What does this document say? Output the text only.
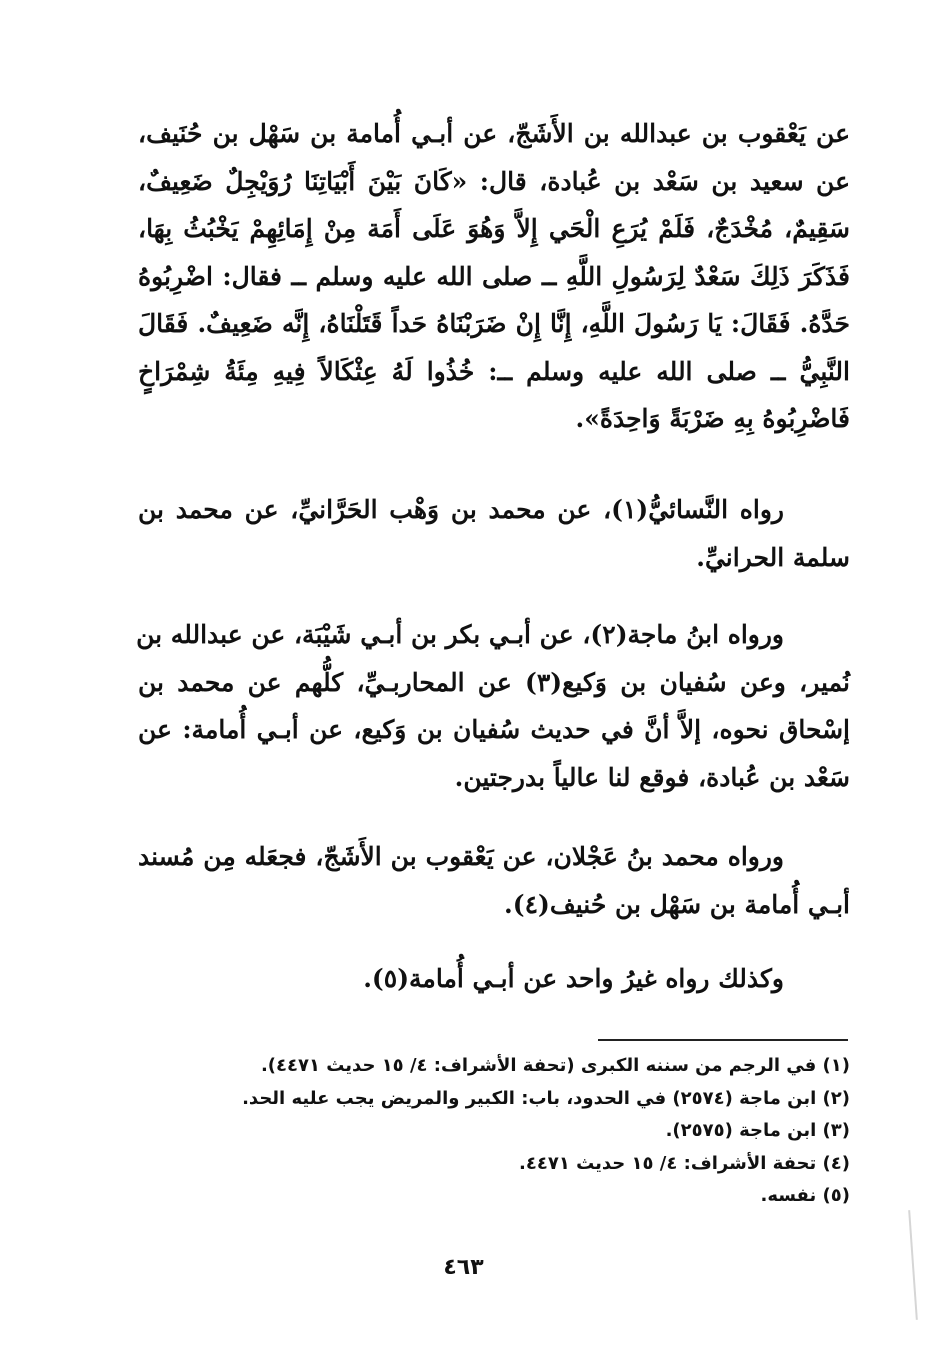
عن يَعْقوب بن عبدالله بن الأَشَجّ، عن أبـي أُمامة بن سَهْل بن حُنَيف،
عن سعيد بن سَعْد بن عُبادة، قال: «كَانَ بَيْنَ أَبْيَاتِنَا رُوَيْجِلٌ ضَعِيفٌ،
سَقِيمٌ، مُخْدَجٌ، فَلَمْ يُرَعِ الْحَي إِلاَّ وَهُوَ عَلَى أَمَة مِنْ إِمَائِهِمْ يَخْبُثُ بِهَا،
فَذَكَرَ ذَلِكَ سَعْدٌ لِرَسُولِ اللَّهِ ــ صلى الله عليه وسلم ــ فقال: اضْرِبُوهُ
حَدَّهُ. فَقَالَ: يَا رَسُولَ اللَّهِ، إِنَّا إِنْ ضَرَبْنَاهُ حَداً قَتَلْنَاهُ، إِنَّه ضَعِيفٌ. فَقَالَ
النَّبِيُّ ــ صلى الله عليه وسلم ــ: خُذُوا لَهُ عِثْكَالاً فِيهِ مِئَةُ شِمْرَاخٍ
فَاضْرِبُوهُ بِهِ ضَرْبَةً وَاحِدَةً».
رواه النَّسائيُّ(١)، عن محمد بن وَهْب الحَرَّانيِّ، عن محمد بن
سلمة الحرانيِّ.
ورواه ابنُ ماجة(٢)، عن أبـي بكر بن أبـي شَيْبَة، عن عبدالله بن
نُمير، وعن سُفيان بن وَكيع(٣) عن المحاربـيِّ، كلُّهم عن محمد بن
إسْحاق نحوه، إلاَّ أنَّ في حديث سُفيان بن وَكيع، عن أبـي أُمامة: عن
سَعْد بن عُبادة، فوقع لنا عالياً بدرجتين.
ورواه محمد بنُ عَجْلان، عن يَعْقوب بن الأَشَجّ، فجعَله مِن مُسند
أبـي أُمامة بن سَهْل بن حُنيف(٤).
وكذلك رواه غيرُ واحد عن أبـي أُمامة(٥).
(١) في الرجم من سننه الكبرى (تحفة الأشراف: ٤/ ١٥ حديث ٤٤٧١).
(٢) ابن ماجة (٢٥٧٤) في الحدود، باب: الكبير والمريض يجب عليه الحد.
(٣) ابن ماجة (٢٥٧٥).
(٤) تحفة الأشراف: ٤/ ١٥ حديث ٤٤٧١.
(٥) نفسه.
٤٦٣
